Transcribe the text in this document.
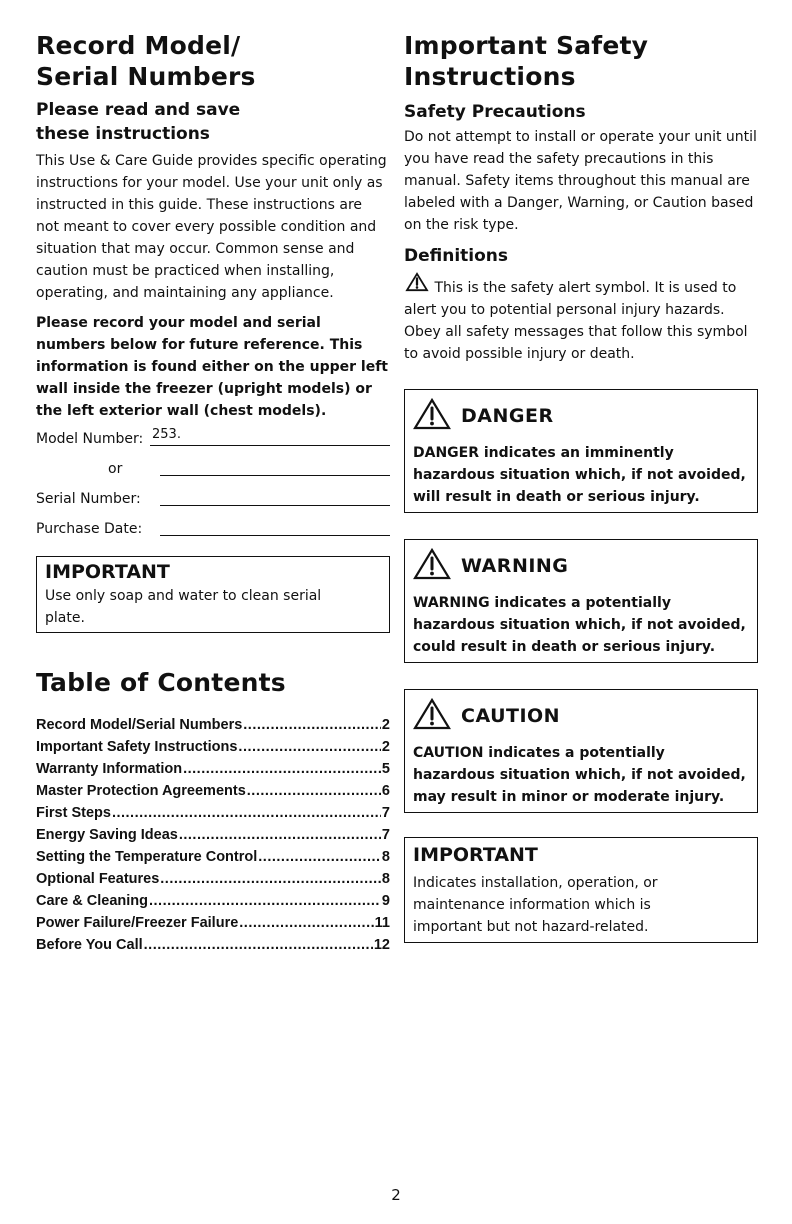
Record Model/
Serial Numbers
Please read and save
these instructions

This Use & Care Guide provides specific operating instructions for your model. Use your unit only as instructed in this guide. These instructions are not meant to cover every possible condition and situation that may occur. Common sense and caution must be practiced when installing, operating, and maintaining any appliance.

Please record your model and serial numbers below for future reference. This information is found either on the upper left wall inside the freezer (upright models) or the left exterior wall (chest models).

Model Number: 253.
or
Serial Number:
Purchase Date:

IMPORTANT

Use only soap and water to clean serial plate.

Table of Contents
Record Model/Serial Numbers .....	2
Important Safety Instructions .....	2
Warranty Information .....	5
Master Protection Agreements .....	6
First Steps .....	7
Energy Saving Ideas .....	7
Setting the Temperature Control .....	8
Optional Features .....	8
Care & Cleaning .....	9
Power Failure/Freezer Failure .....	11
Before You Call .....	12
Important Safety
Instructions
Safety Precautions

Do not attempt to install or operate your unit until you have read the safety precautions in this manual. Safety items throughout this manual are labeled with a Danger, Warning, or Caution based on the risk type.

Definitions

This is the safety alert symbol. It is used to alert you to potential personal injury hazards. Obey all safety messages that follow this symbol to avoid possible injury or death.

DANGER

DANGER indicates an imminently hazardous situation which, if not avoided, will result in death or serious injury.

WARNING

WARNING indicates a potentially hazardous situation which, if not avoided, could result in death or serious injury.

CAUTION

CAUTION indicates a potentially hazardous situation which, if not avoided, may result in minor or moderate injury.

IMPORTANT

Indicates installation, operation, or maintenance information which is important but not hazard-related.

2
